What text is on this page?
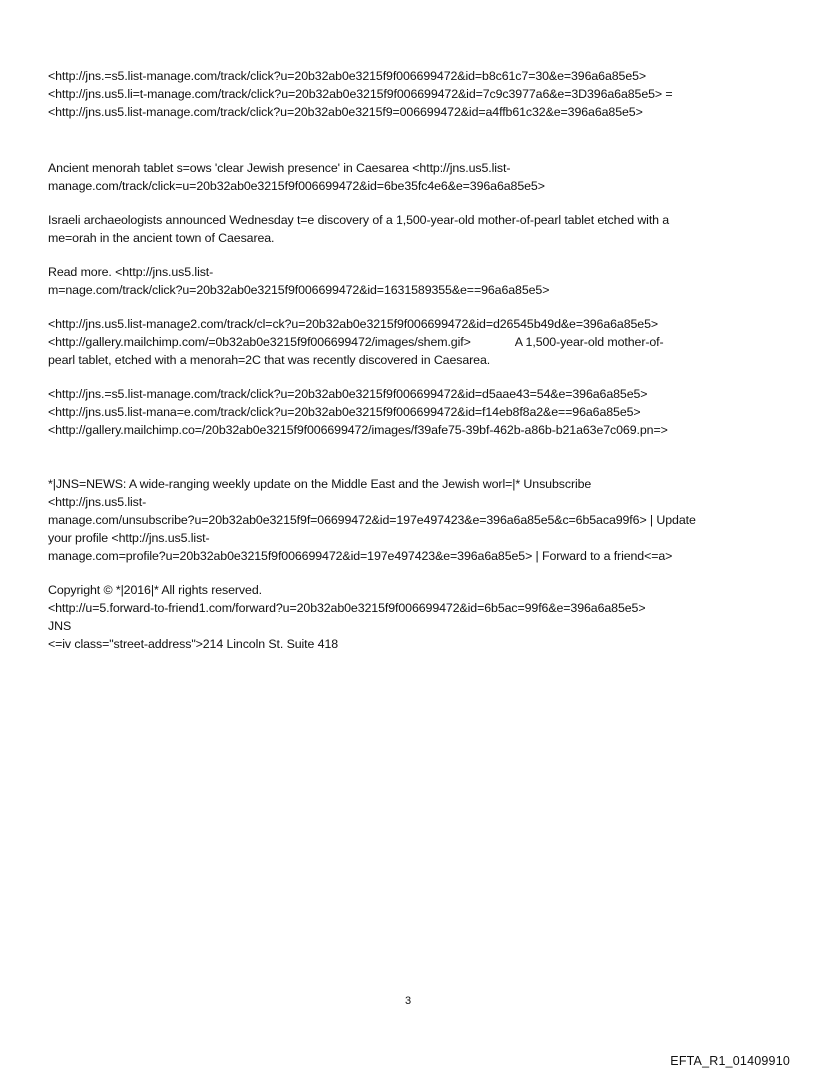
<http://jns.=s5.list-manage.com/track/click?u=20b32ab0e3215f9f006699472&id=b8c61c7=30&e=396a6a85e5>
<http://jns.us5.li=t-manage.com/track/click?u=20b32ab0e3215f9f006699472&id=7c9c3977a6&e=3D396a6a85e5> =
<http://jns.us5.list-manage.com/track/click?u=20b32ab0e3215f9=006699472&id=a4ffb61c32&e=396a6a85e5>
Ancient menorah tablet s=ows 'clear Jewish presence' in Caesarea <http://jns.us5.list-
manage.com/track/click=u=20b32ab0e3215f9f006699472&id=6be35fc4e6&e=396a6a85e5>
Israeli archaeologists announced Wednesday t=e discovery of a 1,500-year-old mother-of-pearl tablet etched with a
me=orah in the ancient town of Caesarea.
Read more. <http://jns.us5.list-
m=nage.com/track/click?u=20b32ab0e3215f9f006699472&id=1631589355&e==96a6a85e5>
<http://jns.us5.list-manage2.com/track/cl=ck?u=20b32ab0e3215f9f006699472&id=d26545b49d&e=396a6a85e5>
<http://gallery.mailchimp.com/=0b32ab0e3215f9f006699472/images/shem.gif>	A 1,500-year-old mother-of-
pearl tablet, etched with a menorah=2C that was recently discovered in Caesarea.
<http://jns.=s5.list-manage.com/track/click?u=20b32ab0e3215f9f006699472&id=d5aae43=54&e=396a6a85e5>
<http://jns.us5.list-mana=e.com/track/click?u=20b32ab0e3215f9f006699472&id=f14eb8f8a2&e==96a6a85e5>
<http://gallery.mailchimp.co=/20b32ab0e3215f9f006699472/images/f39afe75-39bf-462b-a86b-b21a63e7c069.pn=>
*|JNS=NEWS: A wide-ranging weekly update on the Middle East and the Jewish worl=|* Unsubscribe
<http://jns.us5.list-
manage.com/unsubscribe?u=20b32ab0e3215f9f=06699472&id=197e497423&e=396a6a85e5&c=6b5aca99f6> | Update
your profile <http://jns.us5.list-
manage.com=profile?u=20b32ab0e3215f9f006699472&id=197e497423&e=396a6a85e5> | Forward to a friend<=a>
Copyright © *|2016|* All rights reserved.
<http://u=5.forward-to-friend1.com/forward?u=20b32ab0e3215f9f006699472&id=6b5ac=99f6&e=396a6a85e5>
JNS
<=iv class="street-address">214 Lincoln St. Suite 418
3
EFTA_R1_01409910
